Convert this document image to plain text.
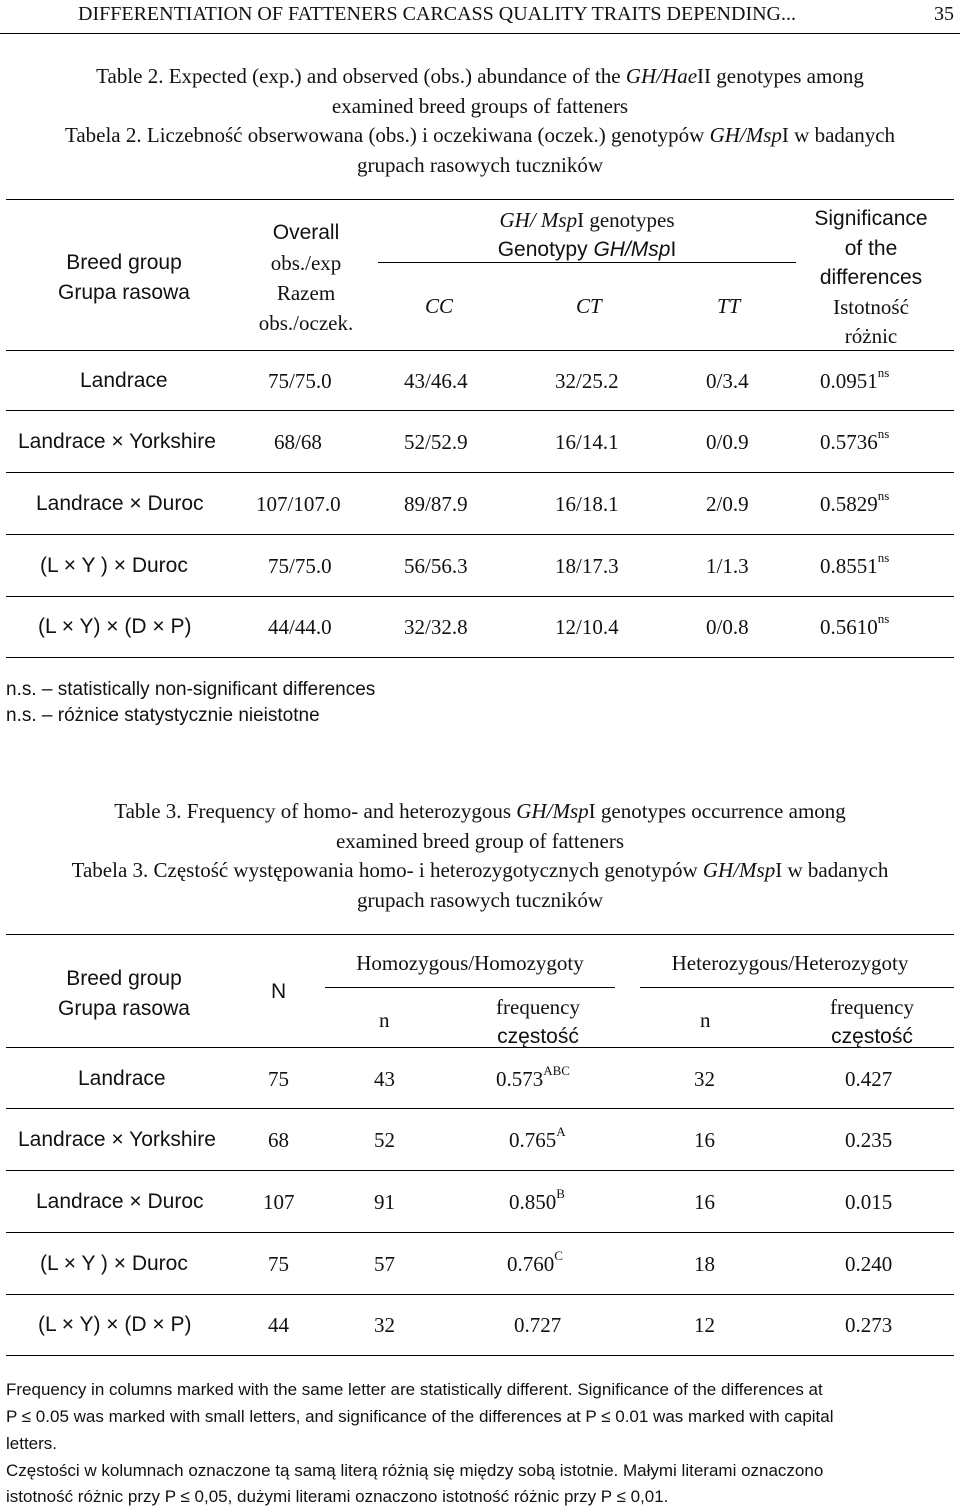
DIFFERENTIATION OF FATTENERS CARCASS QUALITY TRAITS DEPENDING...	35
Table 2. Expected (exp.) and observed (obs.) abundance of the GH/HaeII genotypes among
examined breed groups of fatteners
Tabela 2. Liczebność obserwowana (obs.) i oczekiwana (oczek.) genotypów GH/MspI w badanych
grupach rasowych tuczników
Breed group
Grupa rasowa
Overall
obs./exp
Razem
obs./oczek.
GH/ MspI genotypes
Genotypy GH/MspI
CC	CT	TT
Significance
of the
differences
Istotność
różnic
Landrace	75/75.0	43/46.4	32/25.2	0/3.4	$0.0951^{ns}$
Landrace × Yorkshire	68/68	52/52.9	16/14.1	0/0.9	$0.5736^{ns}$
Landrace × Duroc 107/107.0	89/87.9	16/18.1	2/0.9	$0.5829^{ns}$
(L × Y ) × Duroc	75/75.0	56/56.3	18/17.3	1/1.3	$0.8551^{ns}$
(L × Y) × (D × P)	44/44.0	32/32.8	12/10.4	0/0.8	$0.5610^{ns}$
n.s. – statistically non-significant differences
n.s. – różnice statystycznie nieistotne
Table 3. Frequency of homo- and heterozygous GH/MspI genotypes occurrence among
examined breed group of fatteners
Tabela 3. Częstość występowania homo- i heterozygotycznych genotypów GH/MspI w badanych
grupach rasowych tuczników
Breed group
Grupa rasowa
N
Homozygous/Homozygoty	Heterozygous/Heterozygoty
n
frequency
częstość
n
frequency
częstość
Landrace	75	43	$0.573^{ABC}$	32	0.427
Landrace × Yorkshire 68	52	$0.765^A$	16	0.235
Landrace × Duroc	107	91	$0.850^B$	16	0.015
(L × Y ) × Duroc	75	57	$0.760^C$	18	0.240
(L × Y) × (D × P)	44	32	0.727	12	0.273
Frequency in columns marked with the same letter are statistically different. Significance of the differences at
P ≤ 0.05 was marked with small letters, and significance of the differences at P ≤ 0.01 was marked with capital
letters.
Częstości w kolumnach oznaczone tą samą literą różnią się między sobą istotnie. Małymi literami oznaczono
istotność różnic przy P ≤ 0,05, dużymi literami oznaczono istotność różnic przy P ≤ 0,01.
